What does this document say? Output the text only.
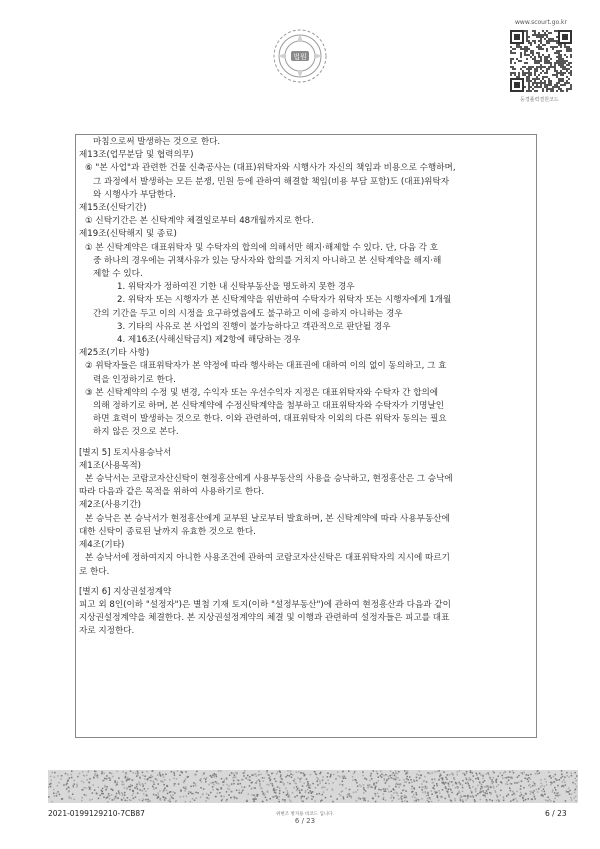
법원
www.scourt.go.kr
등경졸력결원코드
마침으로써 발생하는 것으로 한다.
제13조(업무분담 및 협력의무)
⑥ "본 사업"과 관련한 건물 신축공사는 (대표)위탁자와 시행사가 자신의 책임과 비용으로 수행하며,
그 과정에서 발생하는 모든 분쟁, 민원 등에 관하여 해결할 책임(비용 부담 포함)도 (대표)위탁자
와 시행사가 부담한다.
제15조(신탁기간)
① 신탁기간은 본 신탁계약 체결일로부터 48개월까지로 한다.
제19조(신탁해지 및 종료)
① 본 신탁계약은 대표위탁자 및 수탁자의 합의에 의해서만 해지·해제할 수 있다. 단, 다음 각 호
중 하나의 경우에는 귀책사유가 있는 당사자와 합의를 거치지 아니하고 본 신탁계약을 해지·해
제할 수 있다.
1. 위탁자가 정하여진 기한 내 신탁부동산을 명도하지 못한 경우
2. 위탁자 또는 시행자가 본 신탁계약을 위반하여 수탁자가 위탁자 또는 시행자에게 1개월
간의 기간을 두고 이의 시정을 요구하였음에도 불구하고 이에 응하지 아니하는 경우
3. 기타의 사유로 본 사업의 진행이 불가능하다고 객관적으로 판단될 경우
4. 제16조(사해신탁금지) 제2항에 해당하는 경우
제25조(기타 사항)
② 위탁자들은 대표위탁자가 본 약정에 따라 행사하는 대표권에 대하여 이의 없이 동의하고, 그 효
력을 인정하기로 한다.
③ 본 신탁계약의 수정 및 변경, 수익자 또는 우선수익자 지정은 대표위탁자와 수탁자 간 합의에
의해 정하기로 하며, 본 신탁계약에 수정신탁계약을 첨부하고 대표위탁자와 수탁자가 기명날인
하면 효력이 발생하는 것으로 한다. 이와 관련하여, 대표위탁자 이외의 다른 위탁자 동의는 필요
하지 않은 것으로 본다.
[별지 5] 토지사용승낙서
제1조(사용목적)
본 승낙서는 코람코자산신탁이 현정흥산에게 사용부동산의 사용을 승낙하고, 현정흥산은 그 승낙에
따라 다음과 같은 목적을 위하여 사용하기로 한다.
제2조(사용기간)
본 승낙은 본 승낙서가 현정흥산에게 교부된 날로부터 발효하며, 본 신탁계약에 따라 사용부동산에
대한 신탁이 종료된 날까지 유효한 것으로 한다.
제4조(기타)
본 승낙서에 정하여지지 아니한 사용조건에 관하여 코람코자산신탁은 대표위탁자의 지시에 따르기
로 한다.
[별지 6] 지상권설정계약
피고 외 8인(이하 "설정자")은 별첨 기재 토지(이하 "설정부동산")에 관하여 현정흥산과 다음과 같이
지상권설정계약을 체결한다. 본 지상권설정계약의 체결 및 이행과 관련하여 설정자들은 피고를 대표
자로 지정한다.
2021-0199129210-7CB87	위변조 방지용 바코드 입니다.
6 / 23
6 / 23
